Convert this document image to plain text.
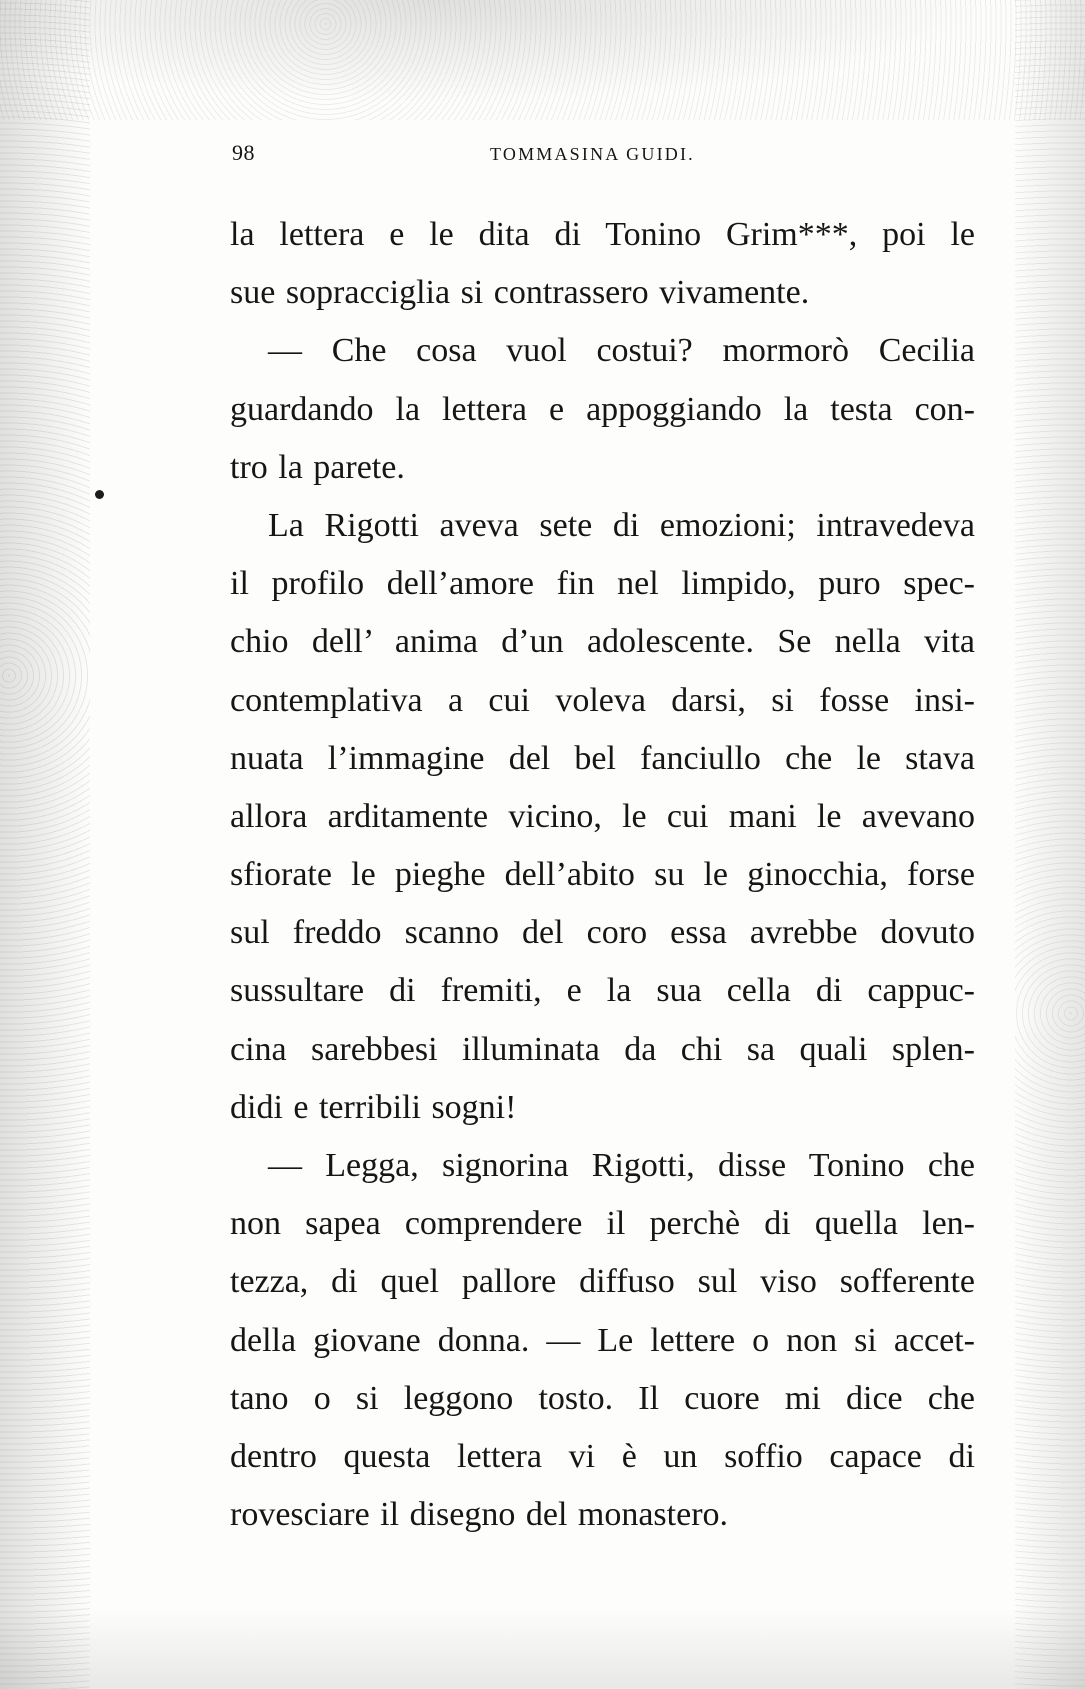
98	TOMMASINA GUIDI.
la lettera e le dita di Tonino Grim***, poi le
sue sopracciglia si contrassero vivamente.
— Che cosa vuol costui? mormorò Cecilia
guardando la lettera e appoggiando la testa con-
tro la parete.
La Rigotti aveva sete di emozioni; intravedeva
il profilo dell’amore fin nel limpido, puro spec-
chio dell’ anima d’un adolescente. Se nella vita
contemplativa a cui voleva darsi, si fosse insi-
nuata l’immagine del bel fanciullo che le stava
allora arditamente vicino, le cui mani le avevano
sfiorate le pieghe dell’abito su le ginocchia, forse
sul freddo scanno del coro essa avrebbe dovuto
sussultare di fremiti, e la sua cella di cappuc-
cina sarebbesi illuminata da chi sa quali splen-
didi e terribili sogni!
— Legga, signorina Rigotti, disse Tonino che
non sapea comprendere il perchè di quella len-
tezza, di quel pallore diffuso sul viso sofferente
della giovane donna. — Le lettere o non si accet-
tano o si leggono tosto. Il cuore mi dice che
dentro questa lettera vi è un soffio capace di
rovesciare il disegno del monastero.
